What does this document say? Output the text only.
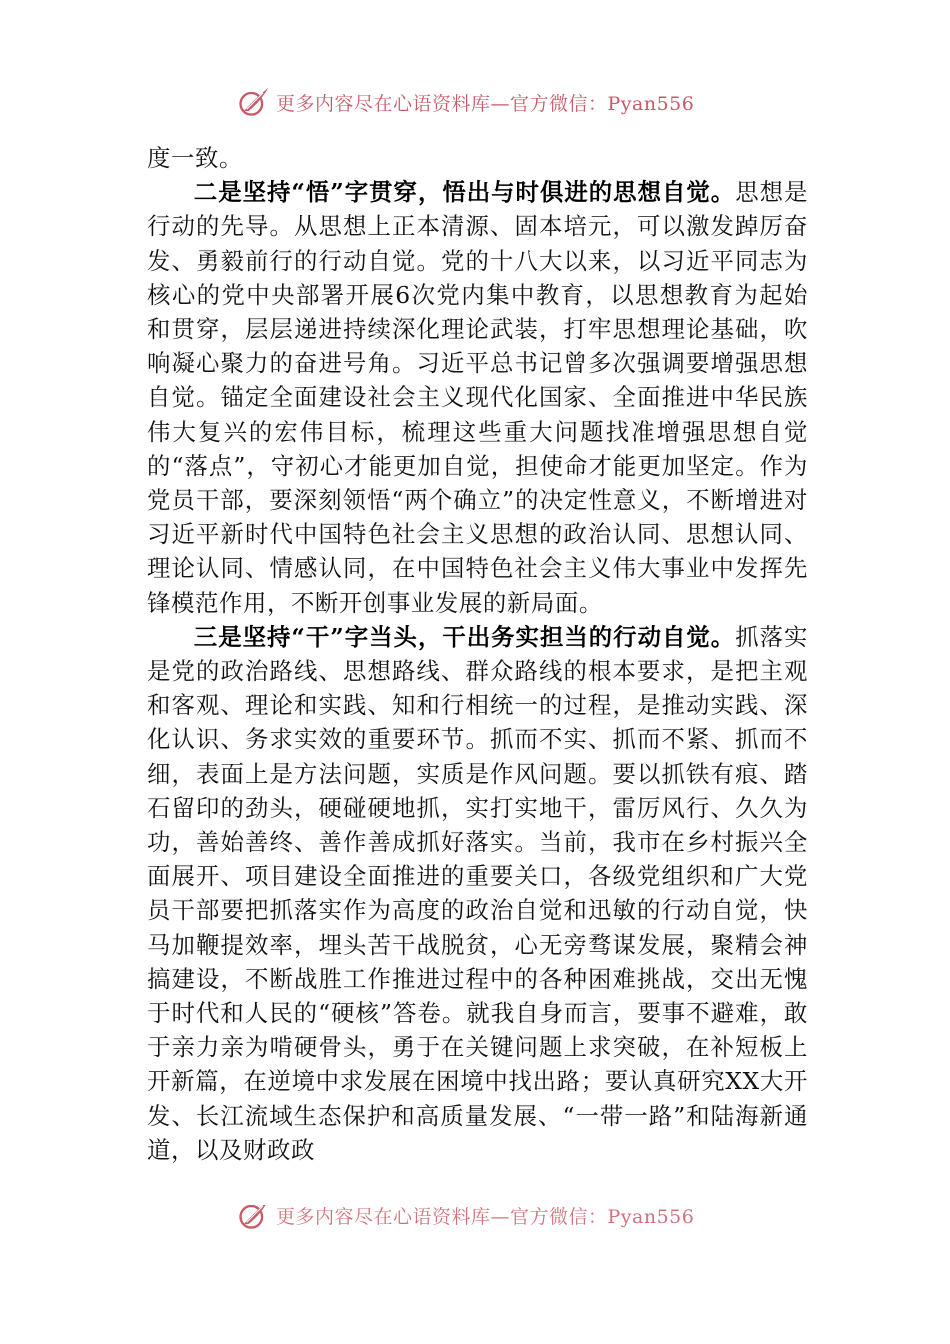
更多内容尽在心语资料库—官方微信：Pyan556

度一致。

二是坚持“悟”字贯穿，悟出与时俱进的思想自觉。思想是行动的先导。从思想上正本清源、固本培元，可以激发踔厉奋发、勇毅前行的行动自觉。党的十八大以来，以习近平同志为核心的党中央部署开展6次党内集中教育，以思想教育为起始和贯穿，层层递进持续深化理论武装，打牢思想理论基础，吹响凝心聚力的奋进号角。习近平总书记曾多次强调要增强思想自觉。锚定全面建设社会主义现代化国家、全面推进中华民族伟大复兴的宏伟目标，梳理这些重大问题找准增强思想自觉的“落点”，守初心才能更加自觉，担使命才能更加坚定。作为党员干部，要深刻领悟“两个确立”的决定性意义，不断增进对习近平新时代中国特色社会主义思想的政治认同、思想认同、理论认同、情感认同，在中国特色社会主义伟大事业中发挥先锋模范作用，不断开创事业发展的新局面。

三是坚持“干”字当头，干出务实担当的行动自觉。抓落实是党的政治路线、思想路线、群众路线的根本要求，是把主观和客观、理论和实践、知和行相统一的过程，是推动实践、深化认识、务求实效的重要环节。抓而不实、抓而不紧、抓而不细，表面上是方法问题，实质是作风问题。要以抓铁有痕、踏石留印的劲头，硬碰硬地抓，实打实地干，雷厉风行、久久为功，善始善终、善作善成抓好落实。当前，我市在乡村振兴全面展开、项目建设全面推进的重要关口，各级党组织和广大党员干部要把抓落实作为高度的政治自觉和迅敏的行动自觉，快马加鞭提效率，埋头苦干战脱贫，心无旁骛谋发展，聚精会神搞建设，不断战胜工作推进过程中的各种困难挑战，交出无愧于时代和人民的“硬核”答卷。就我自身而言，要事不避难，敢于亲力亲为啃硬骨头，勇于在关键问题上求突破，在补短板上开新篇，在逆境中求发展在困境中找出路；要认真研究XX大开发、长江流域生态保护和高质量发展、“一带一路”和陆海新通道，以及财政政

更多内容尽在心语资料库—官方微信：Pyan556
